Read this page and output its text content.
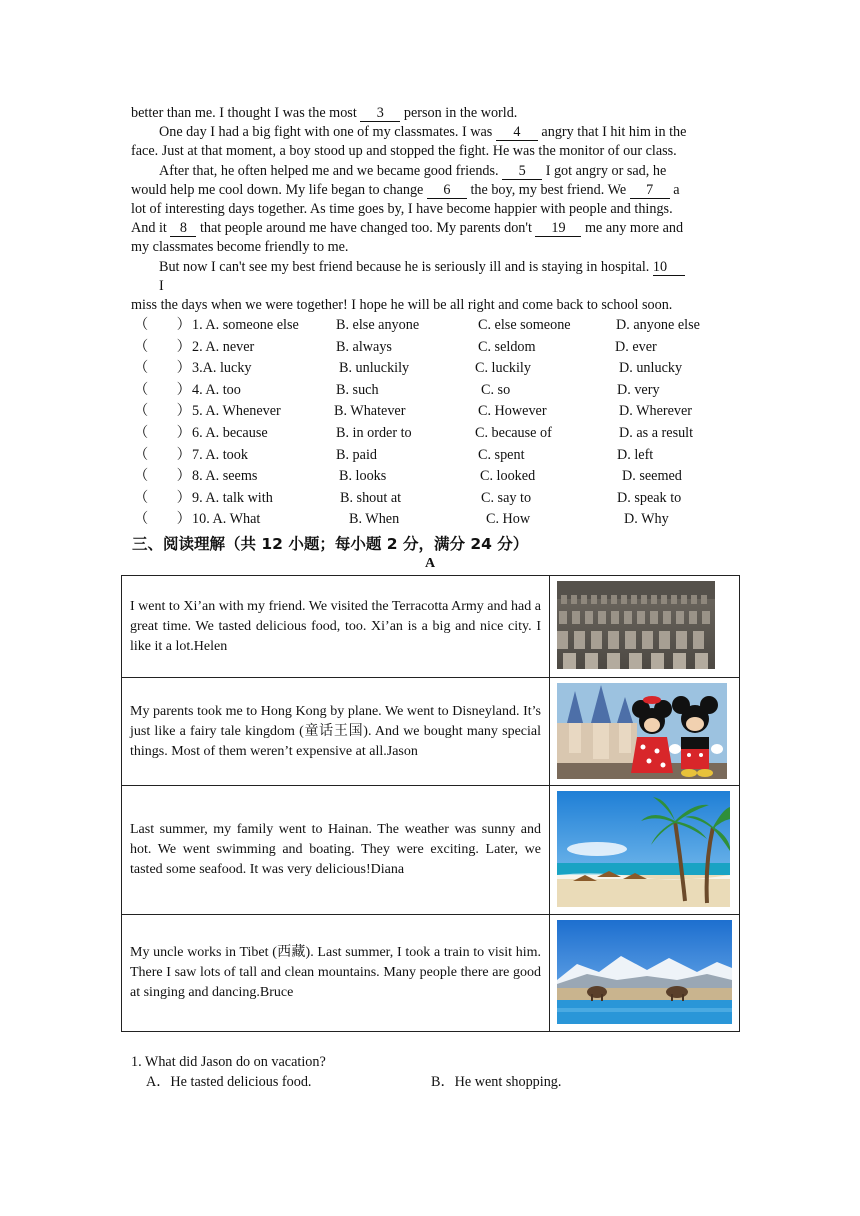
better than me. I thought I was the most 3 person in the world.
One day I had a big fight with one of my classmates. I was 4 angry that I hit him in the
face. Just at that moment, a boy stood up and stopped the fight. He was the monitor of our class.
After that, he often helped me and we became good friends. 5 I got angry or sad, he
would help me cool down. My life began to change 6 the boy, my best friend. We 7 a
lot of interesting days together. As time goes by, I have become happier with people and things.
And it 8 that people around me have changed too. My parents don't 19 me any more and
my classmates become friendly to me.
But now I can't see my best friend because he is seriously ill and is staying in hospital. 10
I
miss the days when we were together! I hope he will be all right and come back to school soon.
（　　） 1. A. someone else	B. else anyone	C. else someone	D. anyone else
（　　） 2. A. never	B. always	C. seldom	D. ever
（　　） 3.A. lucky	B. unluckily	C. luckily	D. unlucky
（　　） 4. A. too	B. such	C. so	D. very
（　　） 5. A. Whenever	B. Whatever	C. However	D. Wherever
（　　） 6. A. because	B. in order to	C. because of	D. as a result
（　　） 7. A. took	B. paid	C. spent	D. left
（　　） 8. A. seems	B. looks	C. looked	D. seemed
（　　） 9. A. talk with	B. shout at	C. say to	D. speak to
（　　） 10. A. What	B. When	C. How	D. Why
三、阅读理解（共 12 小题；每小题 2 分，满分 24 分）
A
I went to Xi’an with my friend. We visited the Terracotta Army and had a great time. We tasted delicious food, too. Xi’an is a big and nice city. I like it a lot.Helen	

My parents took me to Hong Kong by plane. We went to Disneyland. It’s just like a fairy tale kingdom (童话王国). And we bought many special things. Most of them weren’t expensive at all.Jason	

Last summer, my family went to Hainan. The weather was sunny and hot. We went swimming and boating. They were exciting. Later, we tasted some seafood. It was very delicious!Diana	

My uncle works in Tibet (西藏). Last summer, I took a train to visit him. There I saw lots of tall and clean mountains. Many people there are good at singing and dancing.Bruce	
1. What did Jason do on vacation?
A．He tasted delicious food.	B．He went shopping.
